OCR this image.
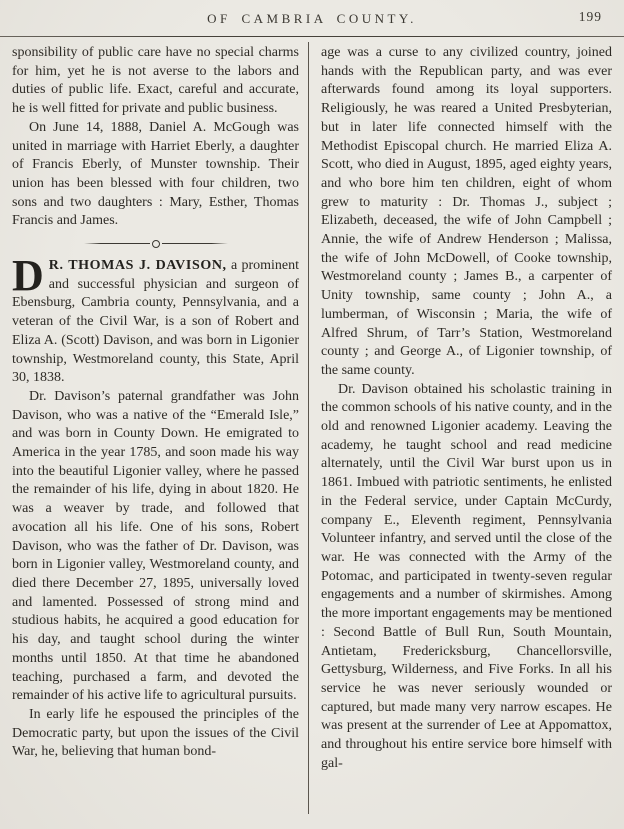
OF CAMBRIA COUNTY.	199

sponsibility of public care have no special charms for him, yet he is not averse to the labors and duties of public life. Exact, careful and accurate, he is well fitted for private and public business.

On June 14, 1888, Daniel A. McGough was united in marriage with Harriet Eberly, a daughter of Francis Eberly, of Munster township. Their union has been blessed with four children, two sons and two daughters : Mary, Esther, Thomas Francis and James.

D R. THOMAS J. DAVISON, a prominent and successful physician and surgeon of Ebensburg, Cambria county, Pennsylvania, and a veteran of the Civil War, is a son of Robert and Eliza A. (Scott) Davison, and was born in Ligonier township, Westmoreland county, this State, April 30, 1838.

Dr. Davison’s paternal grandfather was John Davison, who was a native of the “Emerald Isle,” and was born in County Down. He emigrated to America in the year 1785, and soon made his way into the beautiful Ligonier valley, where he passed the remainder of his life, dying in about 1820. He was a weaver by trade, and followed that avocation all his life. One of his sons, Robert Davison, who was the father of Dr. Davison, was born in Ligonier valley, Westmoreland county, and died there December 27, 1895, universally loved and lamented. Possessed of strong mind and studious habits, he acquired a good education for his day, and taught school during the winter months until 1850. At that time he abandoned teaching, purchased a farm, and devoted the remainder of his active life to agricultural pursuits.

In early life he espoused the principles of the Democratic party, but upon the issues of the Civil War, he, believing that human bond-

age was a curse to any civilized country, joined hands with the Republican party, and was ever afterwards found among its loyal supporters. Religiously, he was reared a United Presbyterian, but in later life connected himself with the Methodist Episcopal church. He married Eliza A. Scott, who died in August, 1895, aged eighty years, and who bore him ten children, eight of whom grew to maturity : Dr. Thomas J., subject ; Elizabeth, deceased, the wife of John Campbell ; Annie, the wife of Andrew Henderson ; Malissa, the wife of John McDowell, of Cooke township, Westmoreland county ; James B., a carpenter of Unity township, same county ; John A., a lumberman, of Wisconsin ; Maria, the wife of Alfred Shrum, of Tarr’s Station, Westmoreland county ; and George A., of Ligonier township, of the same county.

Dr. Davison obtained his scholastic training in the common schools of his native county, and in the old and renowned Ligonier academy. Leaving the academy, he taught school and read medicine alternately, until the Civil War burst upon us in 1861. Imbued with patriotic sentiments, he enlisted in the Federal service, under Captain McCurdy, company E., Eleventh regiment, Pennsylvania Volunteer infantry, and served until the close of the war. He was connected with the Army of the Potomac, and participated in twenty-seven regular engagements and a number of skirmishes. Among the more important engagements may be mentioned : Second Battle of Bull Run, South Mountain, Antietam, Fredericksburg, Chancellorsville, Gettysburg, Wilderness, and Five Forks. In all his service he was never seriously wounded or captured, but made many very narrow escapes. He was present at the surrender of Lee at Appomattox, and throughout his entire service bore himself with gal-
